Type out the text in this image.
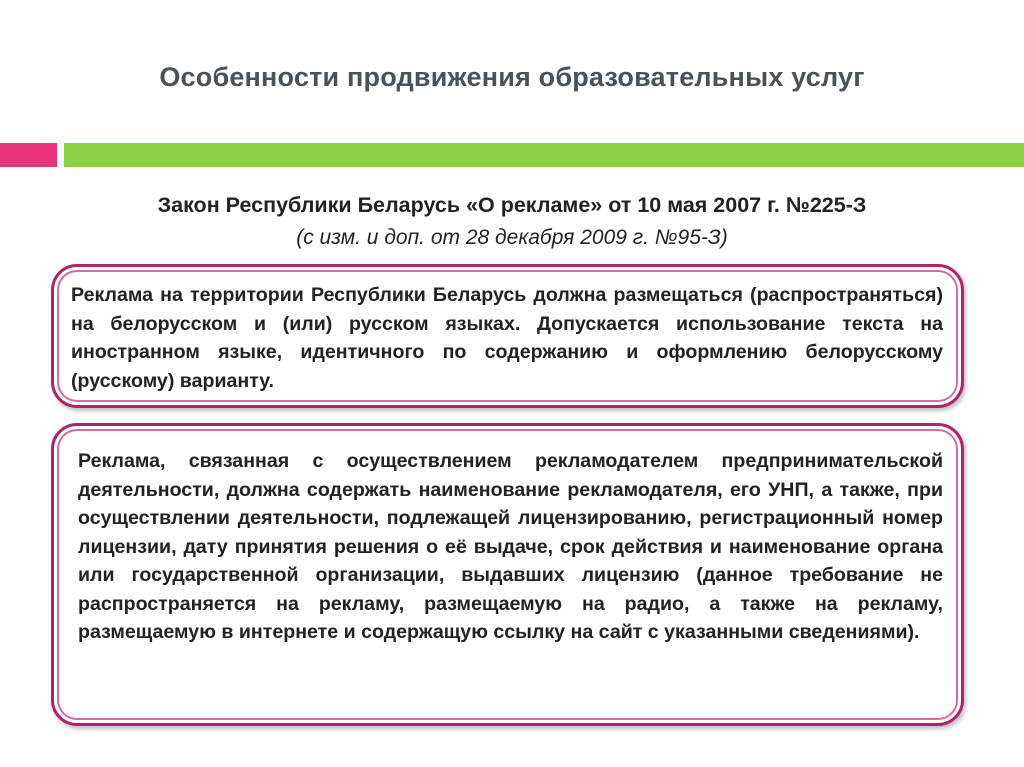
Особенности продвижения образовательных услуг
Закон Республики Беларусь «О рекламе» от 10 мая 2007 г. №225-З
(с изм. и доп. от 28 декабря 2009 г. №95-З)
Реклама на территории Республики Беларусь должна размещаться (распространяться) на белорусском и (или) русском языках. Допускается использование текста на иностранном языке, идентичного по содержанию и оформлению белорусскому (русскому) варианту.
Реклама, связанная с осуществлением рекламодателем предпринимательской деятельности, должна содержать наименование рекламодателя, его УНП, а также, при осуществлении деятельности, подлежащей лицензированию, регистрационный номер лицензии, дату принятия решения о её выдаче, срок действия и наименование органа или государственной организации, выдавших лицензию (данное требование не распространяется на рекламу, размещаемую на радио, а также на рекламу, размещаемую в интернете и содержащую ссылку на сайт с указанными сведениями).
